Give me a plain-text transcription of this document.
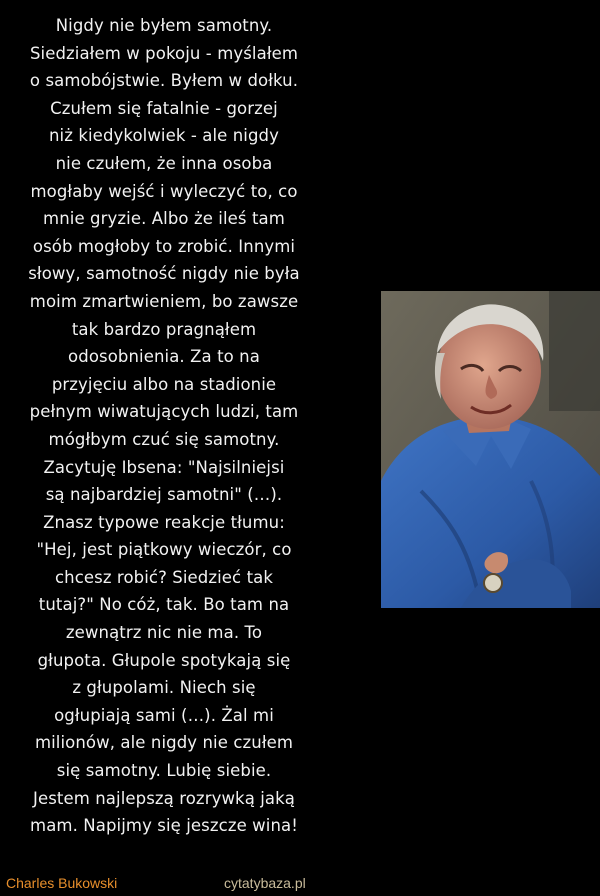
Nigdy nie byłem samotny.
Siedziałem w pokoju - myślałem
o samobójstwie. Byłem w dołku.
Czułem się fatalnie - gorzej
niż kiedykolwiek - ale nigdy
nie czułem, że inna osoba
mogłaby wejść i wyleczyć to, co
mnie gryzie. Albo że ileś tam
osób mogłoby to zrobić. Innymi
słowy, samotność nigdy nie była
moim zmartwieniem, bo zawsze
tak bardzo pragnąłem
odosobnienia. Za to na
przyjęciu albo na stadionie
pełnym wiwatujących ludzi, tam
mógłbym czuć się samotny.
Zacytuję Ibsena: "Najsilniejsi
są najbardziej samotni" (…).
Znasz typowe reakcje tłumu:
"Hej, jest piątkowy wieczór, co
chcesz robić? Siedzieć tak
tutaj?" No cóż, tak. Bo tam na
zewnątrz nic nie ma. To
głupota. Głupole spotykają się
z głupolami. Niech się
ogłupiają sami (…). Żal mi
milionów, ale nigdy nie czułem
się samotny. Lubię siebie.
Jestem najlepszą rozrywką jaką
mam. Napijmy się jeszcze wina!
Charles Bukowski	cytatybaza.pl
